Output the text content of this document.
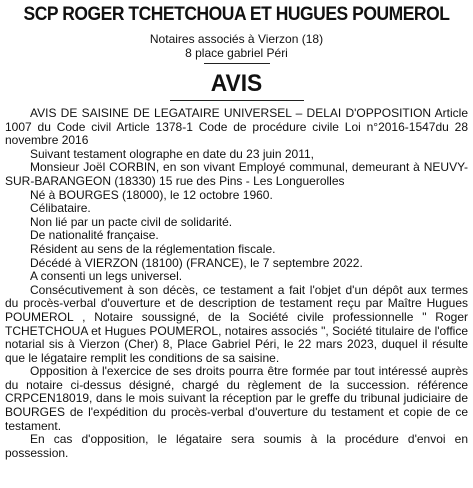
SCP ROGER TCHETCHOUA ET HUGUES POUMEROL
Notaires associés à Vierzon (18)
8 place gabriel Péri
AVIS

AVIS DE SAISINE DE LEGATAIRE UNIVERSEL – DELAI D'OPPOSITION Article 1007 du Code civil Article 1378-1 Code de procédure civile Loi n°2016-1547du 28 novembre 2016

Suivant testament olographe en date du 23 juin 2011,

Monsieur Joël CORBIN, en son vivant Employé communal, demeurant à NEUVY-SUR-BARANGEON (18330) 15 rue des Pins - Les Longuerolles

Né à BOURGES (18000), le 12 octobre 1960.

Célibataire.

Non lié par un pacte civil de solidarité.

De nationalité française.

Résident au sens de la réglementation fiscale.

Décédé à VIERZON (18100) (FRANCE), le 7 septembre 2022.

A consenti un legs universel.

Consécutivement à son décès, ce testament a fait l'objet d'un dépôt aux termes du procès-verbal d'ouverture et de description de testament reçu par Maître Hugues POUMEROL , Notaire soussigné, de la Société civile professionnelle " Roger TCHETCHOUA et Hugues POUMEROL, notaires associés ", Société titulaire de l'office notarial sis à Vierzon (Cher) 8, Place Gabriel Péri, le 22 mars 2023, duquel il résulte que le légataire remplit les conditions de sa saisine.

Opposition à l'exercice de ses droits pourra être formée par tout intéressé auprès du notaire ci-dessus désigné, chargé du règlement de la succession. référence CRPCEN18019, dans le mois suivant la réception par le greffe du tribunal judiciaire de BOURGES de l'expédition du procès-verbal d'ouverture du testament et copie de ce testament.

En cas d'opposition, le légataire sera soumis à la procédure d'envoi en possession.
